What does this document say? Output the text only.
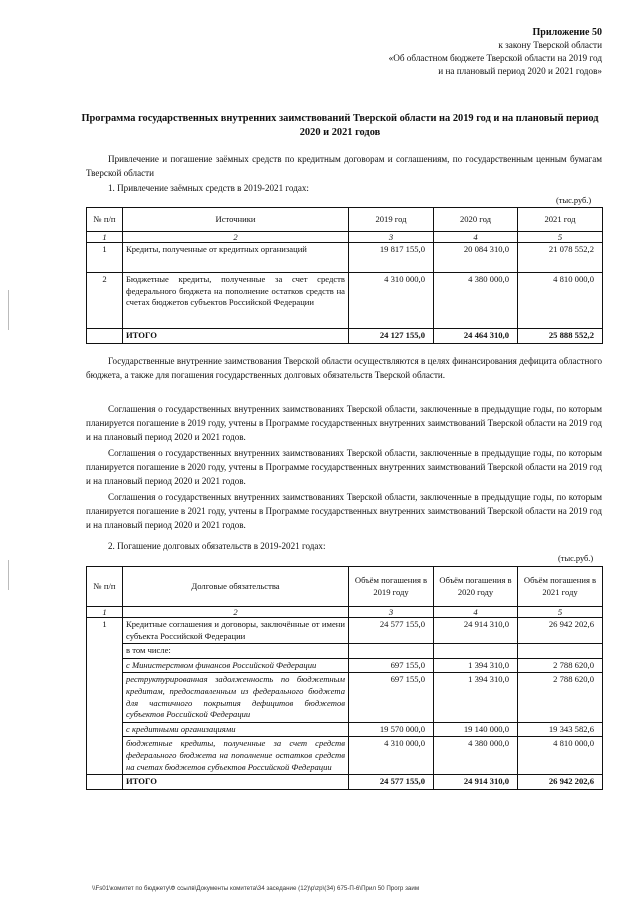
Приложение 50
к закону Тверской области
«Об областном бюджете Тверской области на 2019 год
и на плановый период 2020 и 2021 годов»
Программа государственных внутренних заимствований Тверской области на 2019 год и на плановый период 2020 и 2021 годов
Привлечение и погашение заёмных средств по кредитным договорам и соглашениям, по государственным ценным бумагам Тверской области
1. Привлечение заёмных средств в 2019-2021 годах:
(тыс.руб.)
№ п/п	Источники	2019 год	2020 год	2021 год
1	2	3	4	5
1	Кредиты, полученные от кредитных организаций	19 817 155,0	20 084 310,0	21 078 552,2
2	Бюджетные кредиты, полученные за счет средств федерального бюджета на пополнение остатков средств на счетах бюджетов субъектов Российской Федерации	4 310 000,0	4 380 000,0	4 810 000,0
	ИТОГО	24 127 155,0	24 464 310,0	25 888 552,2
Государственные внутренние заимствования Тверской области осуществляются в целях финансирования дефицита областного бюджета, а также для погашения государственных долговых обязательств Тверской области.
Соглашения о государственных внутренних заимствованиях Тверской области, заключенные в предыдущие годы, по которым планируется погашение в 2019 году, учтены в Программе государственных внутренних заимствований Тверской области на 2019 год и на плановый период 2020 и 2021 годов.
Соглашения о государственных внутренних заимствованиях Тверской области, заключенные в предыдущие годы, по которым планируется погашение в 2020 году, учтены в Программе государственных внутренних заимствований Тверской области на 2019 год и на плановый период 2020 и 2021 годов.
Соглашения о государственных внутренних заимствованиях Тверской области, заключенные в предыдущие годы, по которым планируется погашение в 2021 году, учтены в Программе государственных внутренних заимствований Тверской области на 2019 год и на плановый период 2020 и 2021 годов.
2. Погашение долговых обязательств в 2019-2021 годах:
(тыс.руб.)
№ п/п	Долговые обязательства	Объём погашения в 2019 году	Объём погашения в 2020 году	Объём погашения в 2021 году
1	2	3	4	5
1	Кредитные соглашения и договоры, заключённые от имени субъекта Российской Федерации	24 577 155,0	24 914 310,0	26 942 202,6
	в том числе:			
	с Министерством финансов Российской Федерации	697 155,0	1 394 310,0	2 788 620,0
	реструктурированная задолженность по бюджетным кредитам, предоставленным из федерального бюджета для частичного покрытия дефицитов бюджетов субъектов Российской Федерации	697 155,0	1 394 310,0	2 788 620,0
	с кредитными организациями	19 570 000,0	19 140 000,0	19 343 582,6
	бюджетные кредиты, полученные за счет средств федерального бюджета на пополнение остатков средств на счетах бюджетов субъектов Российской Федерации	4 310 000,0	4 380 000,0	4 810 000,0
	ИТОГО	24 577 155,0	24 914 310,0	26 942 202,6
\\Fs01\комитет по бюджету\Ф ссылв\Документы комитета\34 заседание (12)\p\zp\(34) 675-П-6\Прил 50 Прогр заим
